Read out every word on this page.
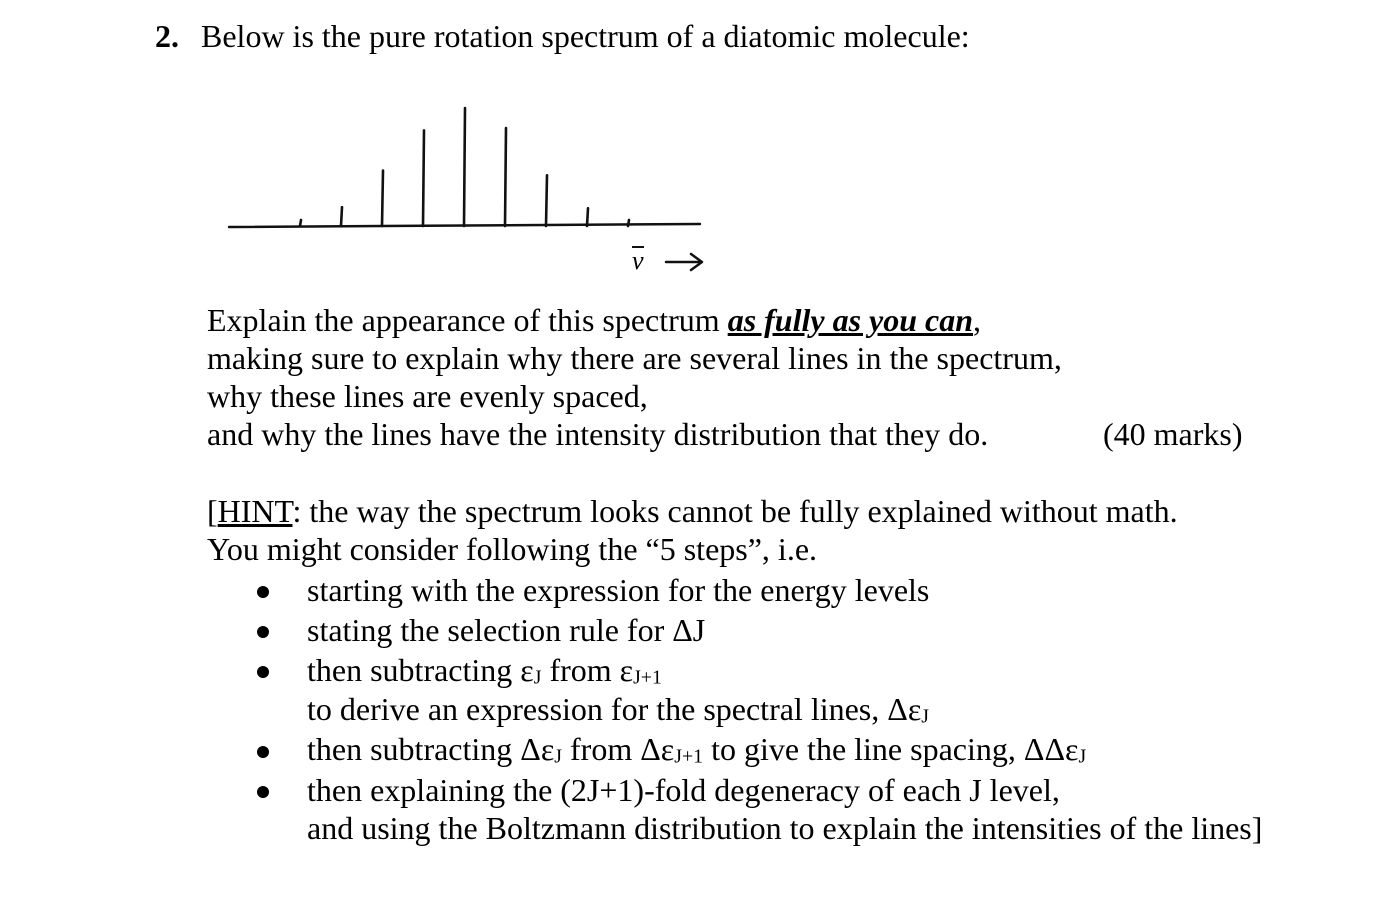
2. Below is the pure rotation spectrum of a diatomic molecule:
ν
Explain the appearance of this spectrum as fully as you can,
making sure to explain why there are several lines in the spectrum,
why these lines are evenly spaced,
and why the lines have the intensity distribution that they do.	(40 marks)
[HINT: the way the spectrum looks cannot be fully explained without math.
You might consider following the “5 steps”, i.e.
starting with the expression for the energy levels
stating the selection rule for ΔJ
then subtracting $\varepsilon_J$ from $\varepsilon_{J+1}$
to derive an expression for the spectral lines, $\Delta\varepsilon_J$
then subtracting $\Delta\varepsilon_J$ from $\Delta\varepsilon_{J+1}$ to give the line spacing, ΔΔε$_J$
then explaining the (2J+1)-fold degeneracy of each J level,
and using the Boltzmann distribution to explain the intensities of the lines]
